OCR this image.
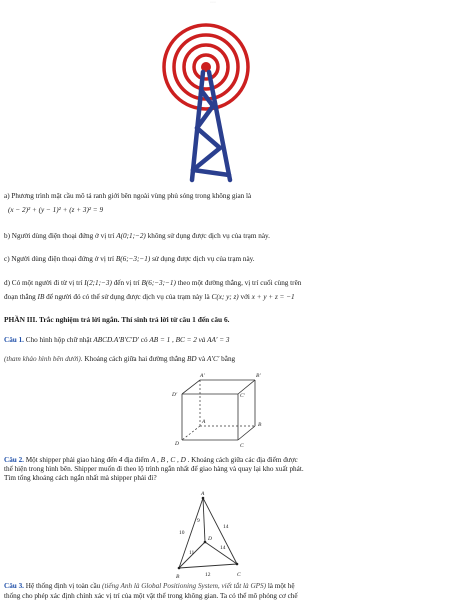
···
a) Phương trình mặt cầu mô tả ranh giới bên ngoài vùng phủ sóng trong không gian là
(x − 2)² + (y − 1)² + (z + 3)² = 9
b) Người dùng điện thoại đứng ở vị trí A(0;1;−2) không sử dụng được dịch vụ của trạm này.
c) Người dùng điện thoại đứng ở vị trí B(6;−3;−1) sử dụng được dịch vụ của trạm này.
d) Có một người đi từ vị trí I(2;1;−3) đến vị trí B(6;−3;−1) theo một đường thẳng, vị trí cuối cùng trên
đoạn thẳng IB để người đó có thể sử dụng được dịch vụ của trạm này là C(x; y; z) với x + y + z = −1
PHẦN III. Trắc nghiệm trả lời ngắn. Thí sinh trả lời từ câu 1 đến câu 6.
Câu 1. Cho hình hộp chữ nhật ABCD.A′B′C′D′ có AB = 1 , BC = 2 và AA′ = 3
(tham khảo hình bên dưới). Khoảng cách giữa hai đường thẳng BD và A′C′ bằng
A′	B′
D′	C′
A	B
D	C
Câu 2. Một shipper phải giao hàng đến 4 địa điểm A , B , C , D . Khoảng cách giữa các địa điểm được
thể hiện trong hình bên. Shipper muốn đi theo lộ trình ngắn nhất để giao hàng và quay lại kho xuất phát.
Tìm tổng khoảng cách ngắn nhất mà shipper phải đi?
A
D
B	C
10
9
14
11
14
12
Câu 3. Hệ thống định vị toàn cầu (tiếng Anh là Global Positioning System, viết tắt là GPS) là một hệ
thống cho phép xác định chính xác vị trí của một vật thể trong không gian. Ta có thể mô phỏng cơ chế
